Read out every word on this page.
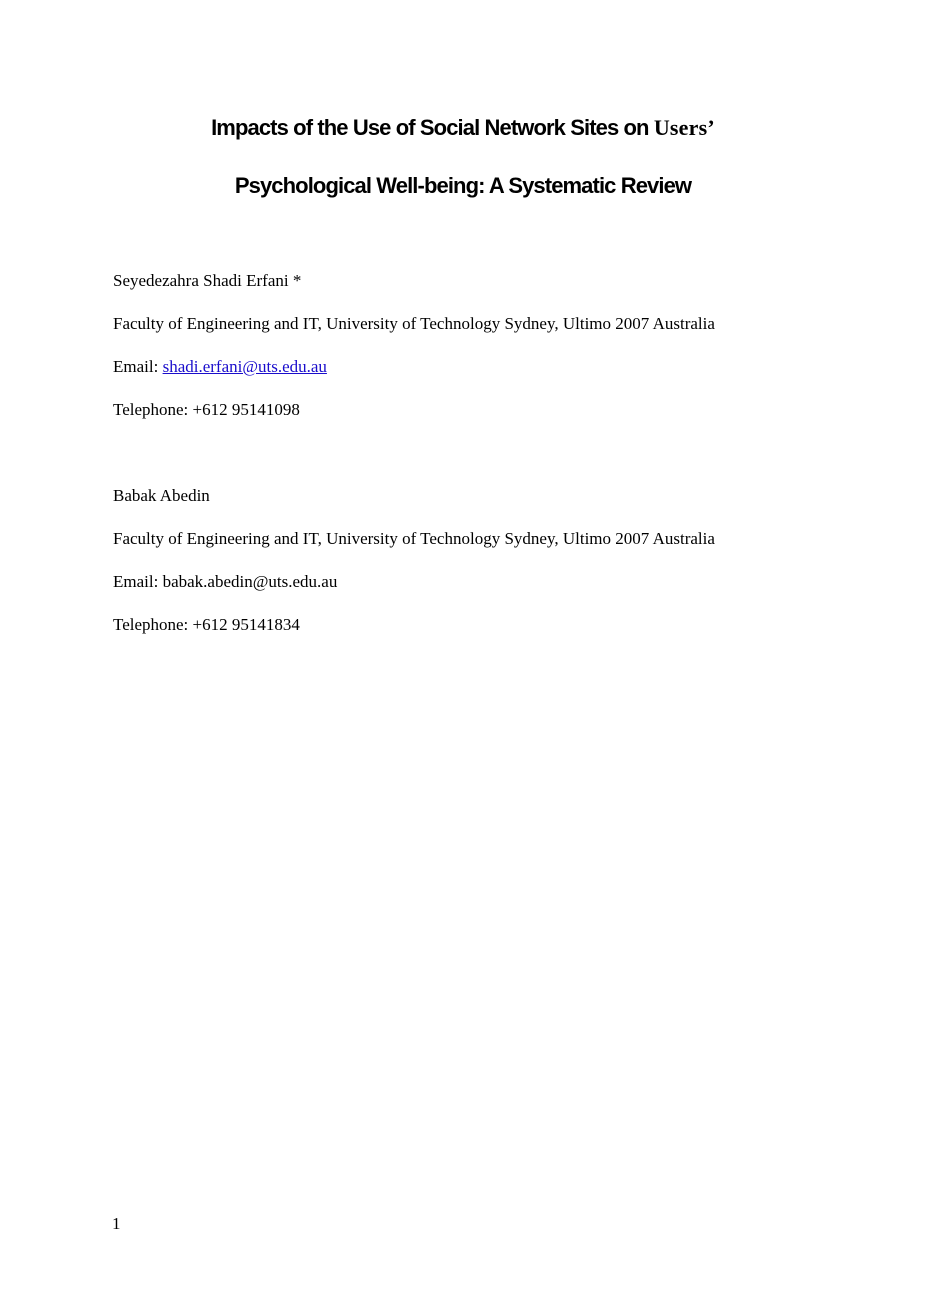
Impacts of the Use of Social Network Sites on Users’
Psychological Well-being: A Systematic Review
Seyedezahra Shadi Erfani *
Faculty of Engineering and IT, University of Technology Sydney, Ultimo 2007 Australia
Email: shadi.erfani@uts.edu.au
Telephone: +612 95141098
Babak Abedin
Faculty of Engineering and IT, University of Technology Sydney, Ultimo 2007 Australia
Email: babak.abedin@uts.edu.au
Telephone: +612 95141834
1
